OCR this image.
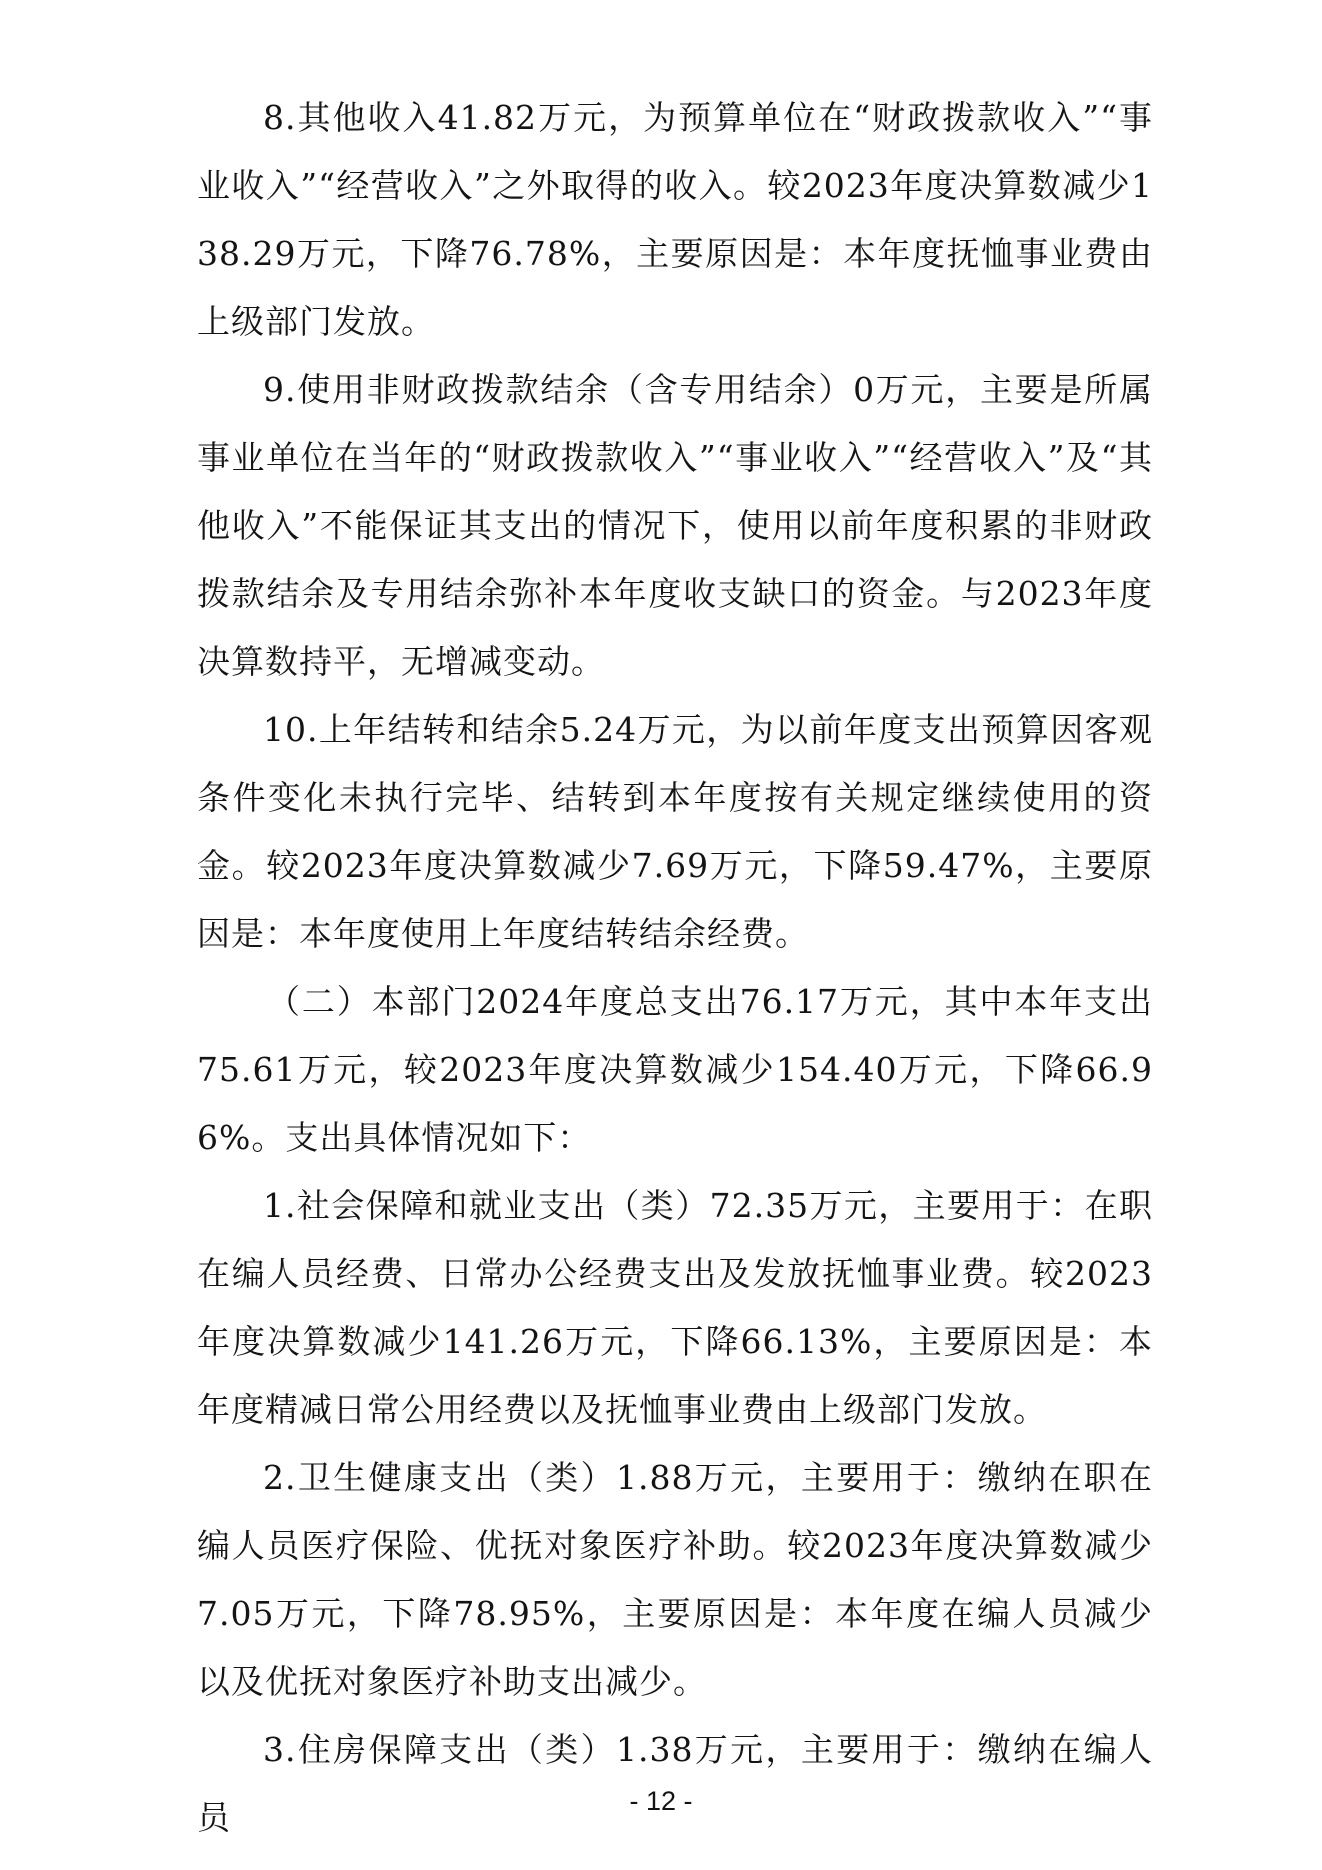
8.其他收入41.82万元，为预算单位在“财政拨款收入”“事业收入”“经营收入”之外取得的收入。较2023年度决算数减少138.29万元，下降76.78%，主要原因是：本年度抚恤事业费由上级部门发放。

9.使用非财政拨款结余（含专用结余）0万元，主要是所属事业单位在当年的“财政拨款收入”“事业收入”“经营收入”及“其他收入”不能保证其支出的情况下，使用以前年度积累的非财政拨款结余及专用结余弥补本年度收支缺口的资金。与2023年度决算数持平，无增减变动。

10.上年结转和结余5.24万元，为以前年度支出预算因客观条件变化未执行完毕、结转到本年度按有关规定继续使用的资金。较2023年度决算数减少7.69万元，下降59.47%，主要原因是：本年度使用上年度结转结余经费。

（二）本部门2024年度总支出76.17万元，其中本年支出75.61万元，较2023年度决算数减少154.40万元，下降66.96%。支出具体情况如下：

1.社会保障和就业支出（类）72.35万元，主要用于：在职在编人员经费、日常办公经费支出及发放抚恤事业费。较2023年度决算数减少141.26万元，下降66.13%，主要原因是：本年度精减日常公用经费以及抚恤事业费由上级部门发放。

2.卫生健康支出（类）1.88万元，主要用于：缴纳在职在编人员医疗保险、优抚对象医疗补助。较2023年度决算数减少7.05万元，下降78.95%，主要原因是：本年度在编人员减少以及优抚对象医疗补助支出减少。

3.住房保障支出（类）1.38万元，主要用于：缴纳在编人员	- 12 -
